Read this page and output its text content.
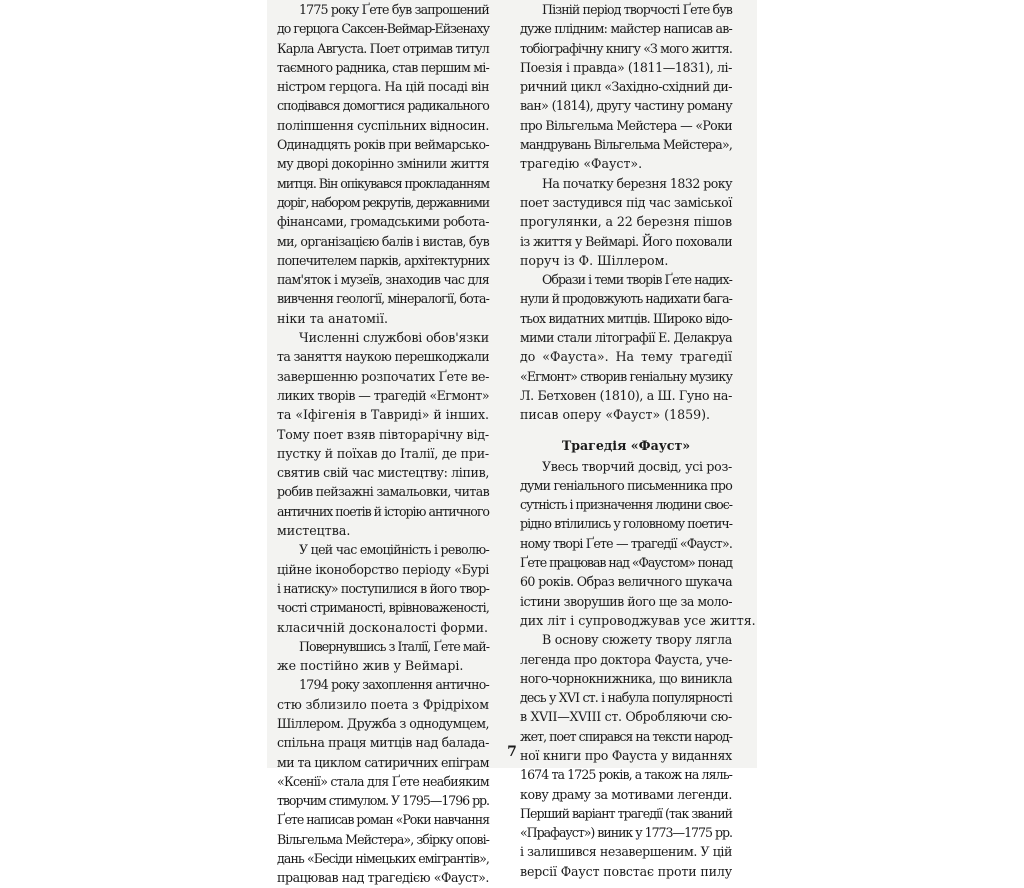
1775 року Ґете був запрошений
до герцога Саксен-Веймар-Ейзенаху
Карла Августа. Поет отримав титул
таємного радника, став першим мі-
ністром герцога. На цій посаді він
сподівався домогтися радикального
поліпшення суспільних відносин.
Одинадцять років при веймарсько-
му дворі докорінно змінили життя
митця. Він опікувався прокладанням
доріг, набором рекрутів, державними
фінансами, громадськими робота-
ми, організацією балів і вистав, був
попечителем парків, архітектурних
пам'яток і музеїв, знаходив час для
вивчення геології, мінералогії, бота-
ніки та анатомії.
Численні службові обов'язки
та заняття наукою перешкоджали
завершенню розпочатих Ґете ве-
ликих творів — трагедій «Егмонт»
та «Іфігенія в Тавриді» й інших.
Тому поет взяв півторарічну від-
пустку й поїхав до Італії, де при-
святив свій час мистецтву: ліпив,
робив пейзажні замальовки, читав
античних поетів й історію античного
мистецтва.
У цей час емоційність і револю-
ційне іконоборство періоду «Бурі
і натиску» поступилися в його твор-
чості стриманості, врівноваженості,
класичній досконалості форми.
Повернувшись з Італії, Ґете май-
же постійно жив у Веймарі.
1794 року захоплення антично-
стю зблизило поета з Фрідріхом
Шіллером. Дружба з однодумцем,
спільна праця митців над балада-
ми та циклом сатиричних епіграм
«Ксенії» стала для Ґете неабияким
творчим стимулом. У 1795—1796 рр.
Ґете написав роман «Роки навчання
Вільгельма Мейстера», збірку опові-
дань «Бесіди німецьких емігрантів»,
працював над трагедією «Фауст».
Пізній період творчості Ґете був
дуже плідним: майстер написав ав-
тобіографічну книгу «З мого життя.
Поезія і правда» (1811—1831), лі-
ричний цикл «Західно-східний ди-
ван» (1814), другу частину роману
про Вільгельма Мейстера — «Роки
мандрувань Вільгельма Мейстера»,
трагедію «Фауст».
На початку березня 1832 року
поет застудився під час заміської
прогулянки, а 22 березня пішов
із життя у Веймарі. Його поховали
поруч із Ф. Шіллером.
Образи і теми творів Ґете надих-
нули й продовжують надихати бага-
тьох видатних митців. Широко відо-
мими стали літографії Е. Делакруа
до «Фауста». На тему трагедії
«Егмонт» створив геніальну музику
Л. Бетховен (1810), а Ш. Гуно на-
писав оперу «Фауст» (1859).
Трагедія «Фауст»
Увесь творчий досвід, усі роз-
думи геніального письменника про
сутність і призначення людини своє-
рідно втілились у головному поетич-
ному творі Ґете — трагедії «Фауст».
Ґете працював над «Фаустом» понад
60 років. Образ величного шукача
істини зворушив його ще за моло-
дих літ і супроводжував усе життя.
В основу сюжету твору лягла
легенда про доктора Фауста, уче-
ного-чорнокнижника, що виникла
десь у XVI ст. і набула популярності
в XVII—XVIII ст. Обробляючи сю-
жет, поет спирався на тексти народ-
ної книги про Фауста у виданнях
1674 та 1725 років, а також на ляль-
кову драму за мотивами легенди.
Перший варіант трагедії (так званий
«Прафауст») виник у 1773—1775 рр.
і залишився незавершеним. У цій
версії Фауст повстає проти пилу
7
